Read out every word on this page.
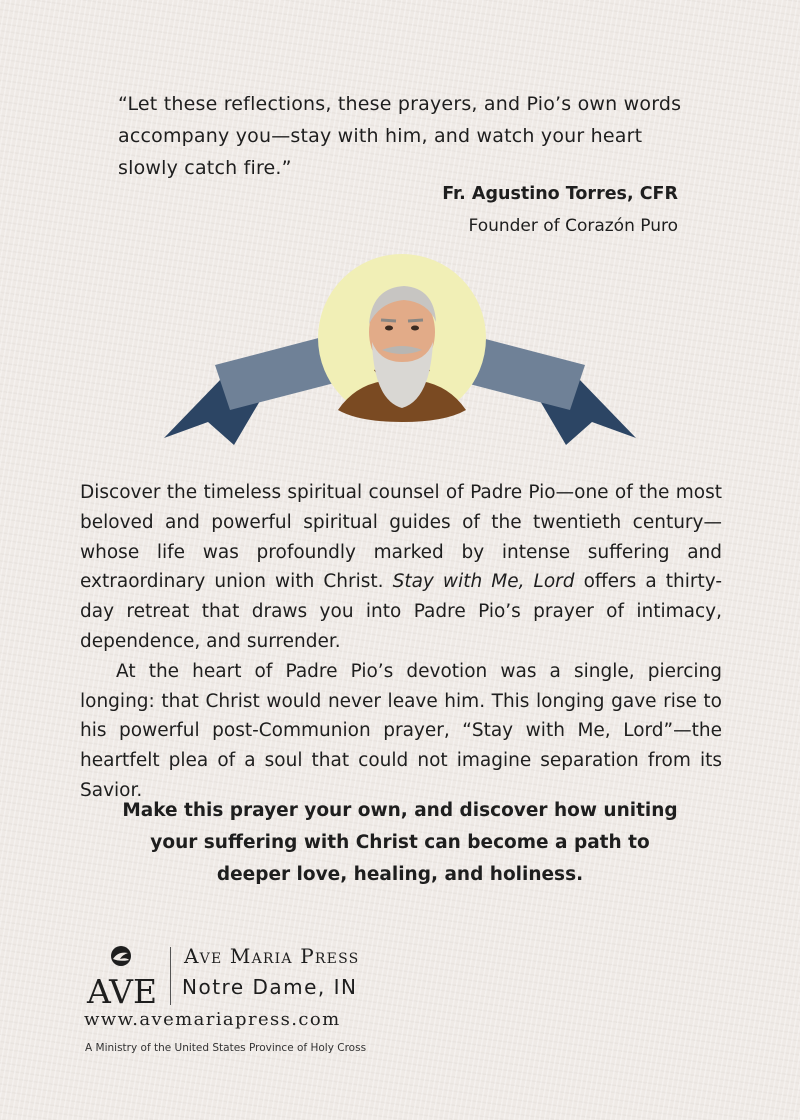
“Let these reflections, these prayers, and Pio’s own words accompany you—stay with him, and watch your heart slowly catch fire.”
Fr. Agustino Torres, CFR
Founder of Corazón Puro

Discover the timeless spiritual counsel of Padre Pio—one of the most beloved and powerful spiritual guides of the twentieth century—whose life was profoundly marked by intense suffering and extraordinary union with Christ. Stay with Me, Lord offers a thirty-day retreat that draws you into Padre Pio’s prayer of intimacy, dependence, and surrender.

At the heart of Padre Pio’s devotion was a single, piercing longing: that Christ would never leave him. This longing gave rise to his powerful post-Communion prayer, “Stay with Me, Lord”—the heartfelt plea of a soul that could not imagine separation from its Savior.

Make this prayer your own, and discover how uniting
your suffering with Christ can become a path to
deeper love, healing, and holiness.
AVE
Ave Maria Press
Notre Dame, IN
www.avemariapress.com
A Ministry of the United States Province of Holy Cross
